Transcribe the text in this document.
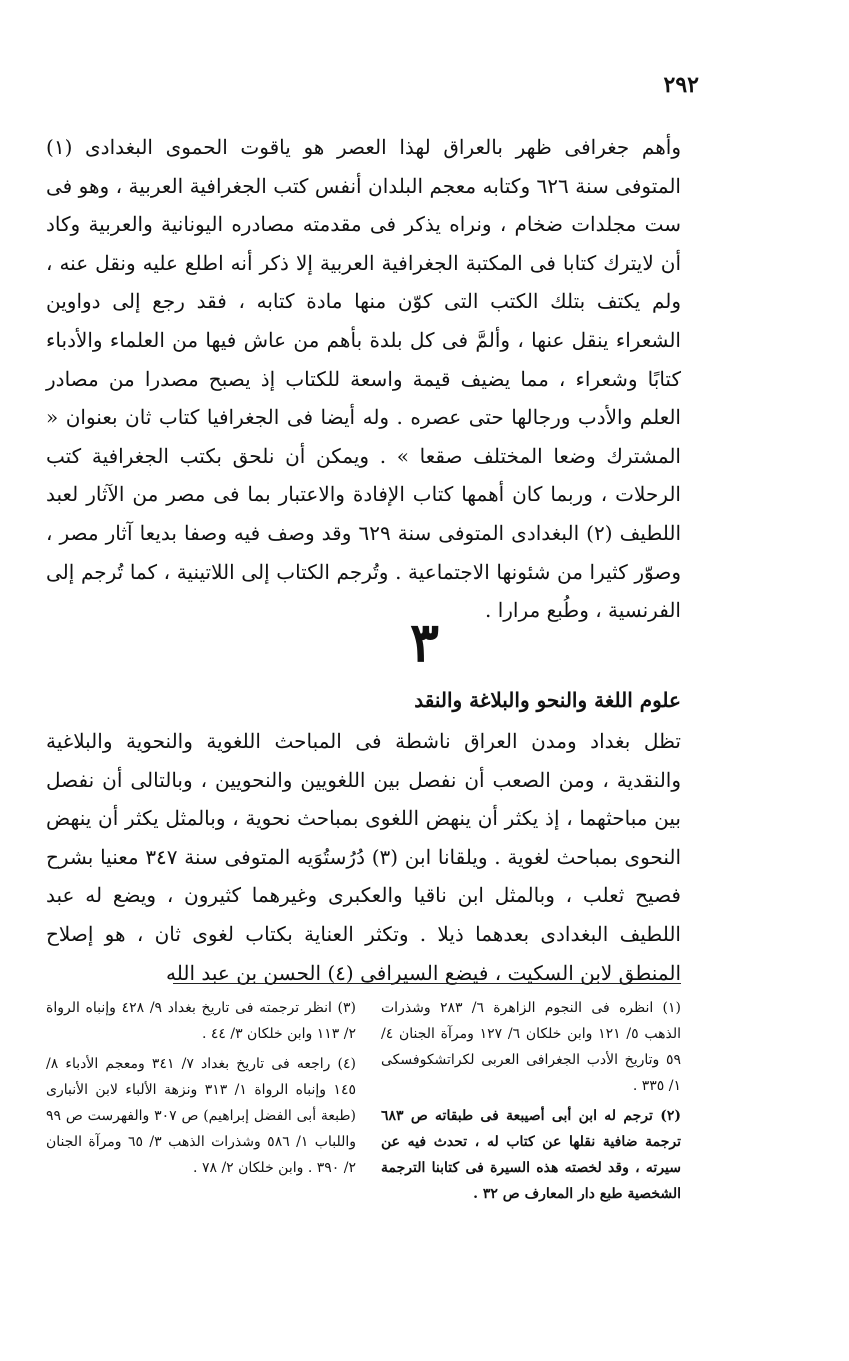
٢٩٢

وأهم جغرافى ظهر بالعراق لهذا العصر هو ياقوت الحموى البغدادى (١) المتوفى سنة ٦٢٦ وكتابه معجم البلدان أنفس كتب الجغرافية العربية ، وهو فى ست مجلدات ضخام ، ونراه يذكر فى مقدمته مصادره اليونانية والعربية وكاد أن لايترك كتابا فى المكتبة الجغرافية العربية إلا ذكر أنه اطلع عليه ونقل عنه ، ولم يكتف بتلك الكتب التى كوّن منها مادة كتابه ، فقد رجع إلى دواوين الشعراء ينقل عنها ، وألمَّ فى كل بلدة بأهم من عاش فيها من العلماء والأدباء كتابًا وشعراء ، مما يضيف قيمة واسعة للكتاب إذ يصبح مصدرا من مصادر العلم والأدب ورجالها حتى عصره . وله أيضا فى الجغرافيا كتاب ثان بعنوان « المشترك وضعا المختلف صقعا » . ويمكن أن نلحق بكتب الجغرافية كتب الرحلات ، وربما كان أهمها كتاب الإفادة والاعتبار بما فى مصر من الآثار لعبد اللطيف (٢) البغدادى المتوفى سنة ٦٢٩ وقد وصف فيه وصفا بديعا آثار مصر ، وصوّر كثيرا من شئونها الاجتماعية . وتُرجم الكتاب إلى اللاتينية ، كما تُرجم إلى الفرنسية ، وطُبع مرارا .

٣
علوم اللغة والنحو والبلاغة والنقد

تظل بغداد ومدن العراق ناشطة فى المباحث اللغوية والنحوية والبلاغية والنقدية ، ومن الصعب أن نفصل بين اللغويين والنحويين ، وبالتالى أن نفصل بين مباحثهما ، إذ يكثر أن ينهض اللغوى بمباحث نحوية ، وبالمثل يكثر أن ينهض النحوى بمباحث لغوية . ويلقانا ابن (٣) دُرُستُوَيه المتوفى سنة ٣٤٧ معنيا بشرح فصيح ثعلب ، وبالمثل ابن ناقيا والعكبرى وغيرهما كثيرون ، ويضع له عبد اللطيف البغدادى بعدهما ذيلا . وتكثر العناية بكتاب لغوى ثان ، هو إصلاح المنطق لابن السكيت ، فيضع السيرافى (٤) الحسن بن عبد الله

(١) انظره فى النجوم الزاهرة ٦/ ٢٨٣ وشذرات الذهب ٥/ ١٢١ وابن خلكان ٦/ ١٢٧ ومرآة الجنان ٤/ ٥٩ وتاريخ الأدب الجغرافى العربى لكراتشكوفسكى ١/ ٣٣٥ .

(٢) ترجم له ابن أبى أصيبعة فى طبقاته ص ٦٨٣ ترجمة ضافية نقلها عن كتاب له ، تحدث فيه عن سيرته ، وقد لخصته هذه السيرة فى كتابنا الترجمة الشخصية طبع دار المعارف ص ٣٢ .

(٣) انظر ترجمته فى تاريخ بغداد ٩/ ٤٢٨ وإنباه الرواة ٢/ ١١٣ وابن خلكان ٣/ ٤٤ .

(٤) راجعه فى تاريخ بغداد ٧/ ٣٤١ ومعجم الأدباء ٨/ ١٤٥ وإنباه الرواة ١/ ٣١٣ ونزهة الألباء لابن الأنبارى (طبعة أبى الفضل إبراهيم) ص ٣٠٧ والفهرست ص ٩٩ واللباب ١/ ٥٨٦ وشذرات الذهب ٣/ ٦٥ ومرآة الجنان ٢/ ٣٩٠ . وابن خلكان ٢/ ٧٨ .
